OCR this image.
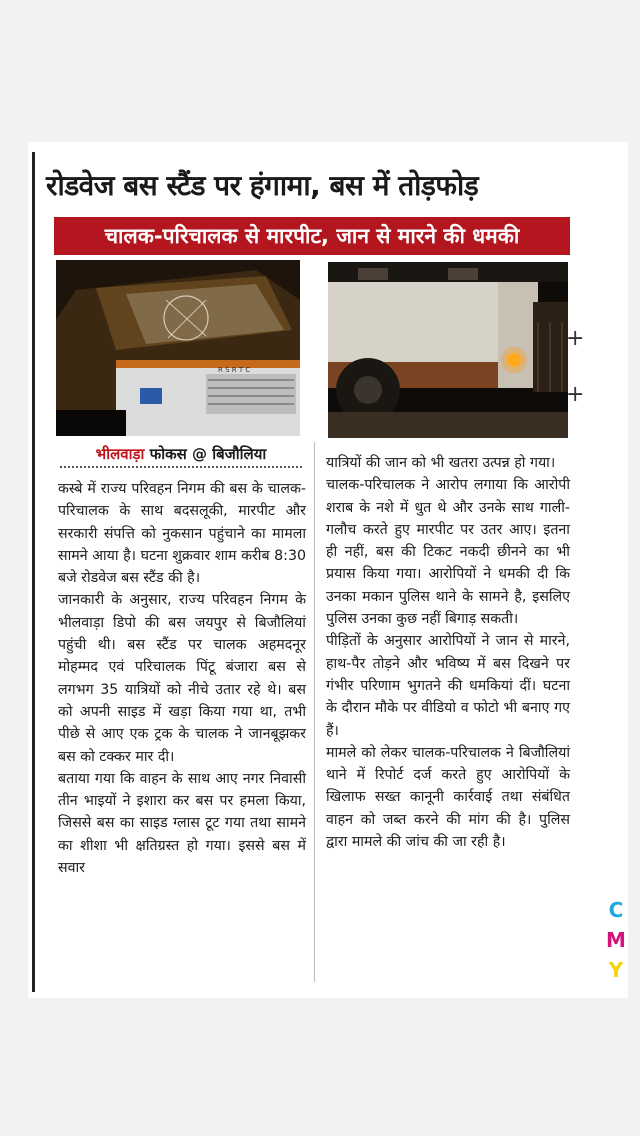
रोडवेज बस स्टैंड पर हंगामा, बस में तोड़फोड़
चालक-परिचालक से मारपीट, जान से मारने की धमकी
R S R T C
भीलवाड़ा फोकस @ बिजौलिया

कस्बे में राज्य परिवहन निगम की बस के चालक-परिचालक के साथ बदसलूकी, मारपीट और सरकारी संपत्ति को नुकसान पहुंचाने का मामला सामने आया है। घटना शुक्रवार शाम करीब 8:30 बजे रोडवेज बस स्टैंड की है।

जानकारी के अनुसार, राज्य परिवहन निगम के भीलवाड़ा डिपो की बस जयपुर से बिजौलियां पहुंची थी। बस स्टैंड पर चालक अहमदनूर मोहम्मद एवं परिचालक पिंटू बंजारा बस से लगभग 35 यात्रियों को नीचे उतार रहे थे। बस को अपनी साइड में खड़ा किया गया था, तभी पीछे से आए एक ट्रक के चालक ने जानबूझकर बस को टक्कर मार दी।

बताया गया कि वाहन के साथ आए नगर निवासी तीन भाइयों ने इशारा कर बस पर हमला किया, जिससे बस का साइड ग्लास टूट गया तथा सामने का शीशा भी क्षतिग्रस्त हो गया। इससे बस में सवार

यात्रियों की जान को भी खतरा उत्पन्न हो गया।

चालक-परिचालक ने आरोप लगाया कि आरोपी शराब के नशे में धुत थे और उनके साथ गाली-गलौच करते हुए मारपीट पर उतर आए। इतना ही नहीं, बस की टिकट नकदी छीनने का भी प्रयास किया गया। आरोपियों ने धमकी दी कि उनका मकान पुलिस थाने के सामने है, इसलिए पुलिस उनका कुछ नहीं बिगाड़ सकती।

पीड़ितों के अनुसार आरोपियों ने जान से मारने, हाथ-पैर तोड़ने और भविष्य में बस दिखने पर गंभीर परिणाम भुगतने की धमकियां दीं। घटना के दौरान मौके पर वीडियो व फोटो भी बनाए गए हैं।

मामले को लेकर चालक-परिचालक ने बिजौलियां थाने में रिपोर्ट दर्ज करते हुए आरोपियों के खिलाफ सख्त कानूनी कार्रवाई तथा संबंधित वाहन को जब्त करने की मांग की है। पुलिस द्वारा मामले की जांच की जा रही है।

+
+
C
M
Y
